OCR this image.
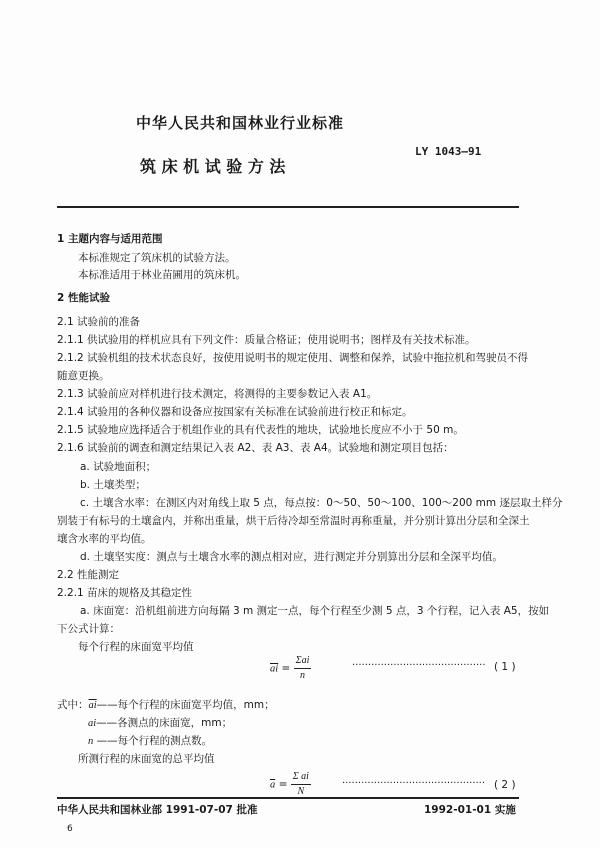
中华人民共和国林业行业标准
LY 1043—91
筑 床 机 试 验 方 法
1 主题内容与适用范围
本标准规定了筑床机的试验方法。
本标准适用于林业苗圃用的筑床机。
2 性能试验
2.1 试验前的准备
2.1.1 供试验用的样机应具有下列文件：质量合格证；使用说明书；图样及有关技术标准。
2.1.2 试验机组的技术状态良好，按使用说明书的规定使用、调整和保养，试验中拖拉机和驾驶员不得
随意更换。
2.1.3 试验前应对样机进行技术测定，将测得的主要参数记入表 A1。
2.1.4 试验用的各种仪器和设备应按国家有关标准在试验前进行校正和标定。
2.1.5 试验地应选择适合于机组作业的具有代表性的地块，试验地长度应不小于 50 m。
2.1.6 试验前的调查和测定结果记入表 A2、表 A3、表 A4。试验地和测定项目包括：
a. 试验地面积；
b. 土壤类型；
c. 土壤含水率：在测区内对角线上取 5 点，每点按：0～50、50～100、100～200 mm 逐层取土样分
别装于有标号的土壤盒内，并称出重量，烘干后待冷却至常温时再称重量，并分别计算出分层和全深土
壤含水率的平均值。
d. 土壤坚实度：测点与土壤含水率的测点相对应，进行测定并分别算出分层和全深平均值。
2.2 性能测定
2.2.1 苗床的规格及其稳定性
a. 床面宽：沿机组前进方向每隔 3 m 测定一点，每个行程至少测 5 点，3 个行程，记入表 A5，按如
下公式计算：
每个行程的床面宽平均值
$\overline{ai} = \frac{\text{Σai}}{n}$	·········································· ( 1 )
式中：$\overline{ai}——$每个行程的床面宽平均值，mm；
ai——各测点的床面宽，mm；
n ——每个行程的测点数。
所测行程的床面宽的总平均值
$\overline{a} = \frac{\text{Σ ai}}{N}$	············································· ( 2 )
中华人民共和国林业部 1991-07-07 批准	1992-01-01 实施
6
